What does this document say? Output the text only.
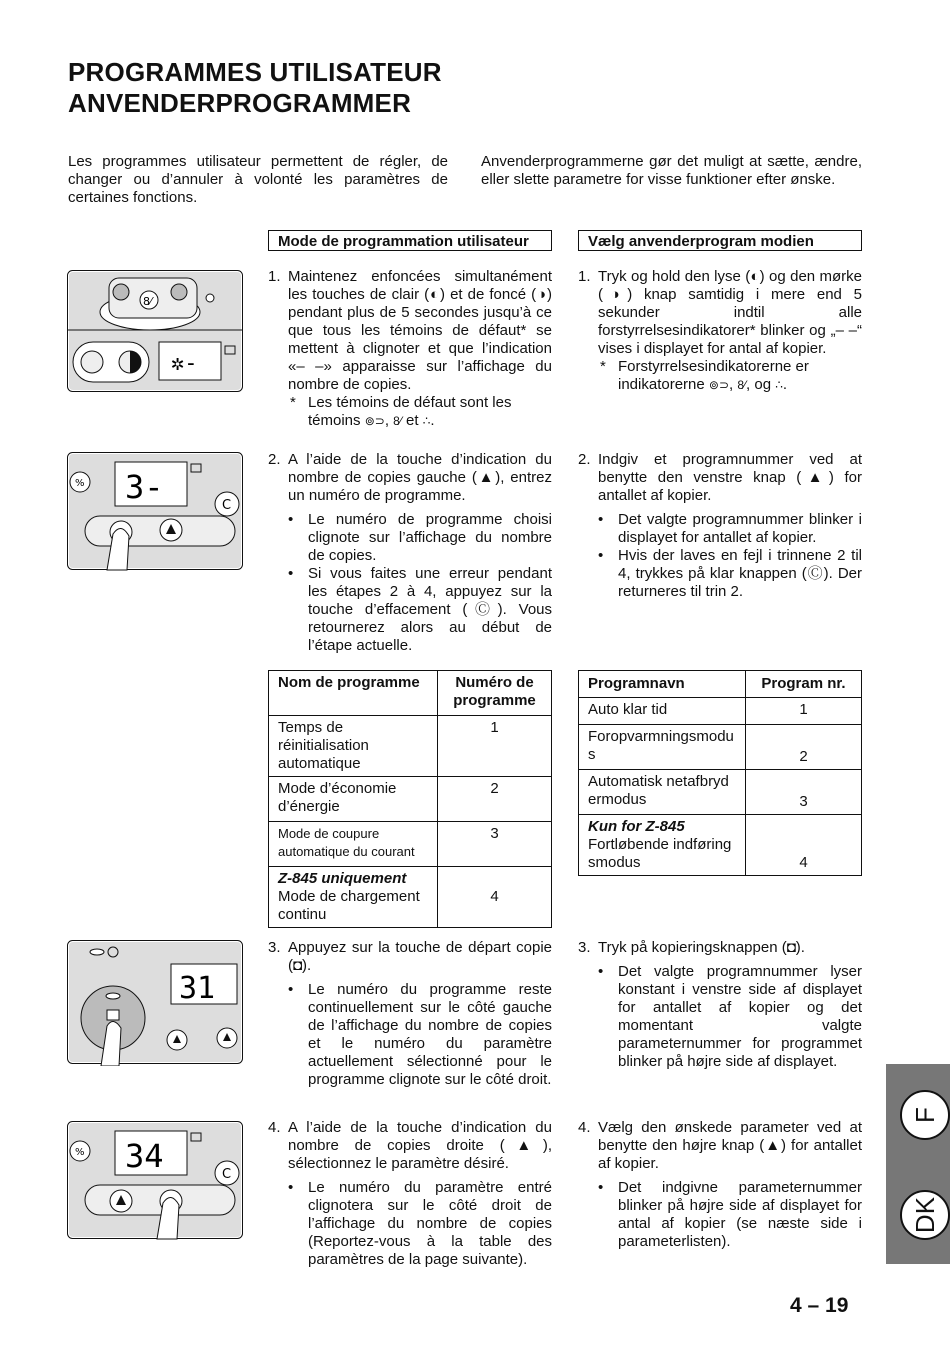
PROGRAMMES UTILISATEUR
ANVENDERPROGRAMMER
Les programmes utilisateur permettent de régler, de changer ou d’annuler à volonté les paramètres de certaines fonctions.
Anvenderprogrammerne gør det muligt at sætte, ændre, eller slette parametre for visse funktioner efter ønske.
Mode de programmation utilisateur	Vælg anvenderprogram modien
8⁄
✲-
3-
%
C
31
34
%
C
1. Maintenez enfoncées simultanément les touches de clair (◐) et de foncé (◑) pendant plus de 5 secondes jusqu’à ce que tous les témoins de défaut* se mettent à clignoter et que l’indication «– –» apparaisse sur l’affichage du nombre de copies.
* Les témoins de défaut sont les témoins ⊚⊃, 8⁄ et ∴.
1. Tryk og hold den lyse (◐) og den mørke (◑) knap samtidig i mere end 5 sekunder indtil alle forstyrrelsesindikatorer* blinker og „– –“ vises i displayet for antal af kopier.
* Forstyrrelsesindikatorerne er indikatorerne ⊚⊃, 8⁄, og ∴.
2. A l’aide de la touche d’indication du nombre de copies gauche (▲), entrez un numéro de programme.
• Le numéro de programme choisi clignote sur l’affichage du nombre de copies.
• Si vous faites une erreur pendant les étapes 2 à 4, appuyez sur la touche d’effacement (Ⓒ). Vous retournerez alors au début de l’étape actuelle.
2. Indgiv et programnummer ved at benytte den venstre knap (▲) for antallet af kopier.
• Det valgte programnummer blinker i displayet for antallet af kopier.
• Hvis der laves en fejl i trinnene 2 til 4, trykkes på klar knappen (Ⓒ). Der returneres til trin 2.
Nom de programme	Numéro de programme
Temps de réinitialisation automatique	1
Mode d’économie d’énergie	2
Mode de coupure automatique du courant	3

Z-845 uniquement
Mode de chargement continu	4
Programnavn	Program nr.
Auto klar tid	1
Foropvarmningsmodus	2
Automatisk netafbrydermodus	3

Kun for Z-845
Fortløbende indføringsmodus	4
3. Appuyez sur la touche de départ copie (◘).
• Le numéro du programme reste continuellement sur le côté gauche de l’affichage du nombre de copies et le numéro du paramètre actuellement sélectionné pour le programme clignote sur le côté droit.
3. Tryk på kopieringsknappen (◘).
• Det valgte programnummer lyser konstant i venstre side af displayet for antallet af kopier og det momentant valgte parameternummer for programmet blinker på højre side af displayet.
4. A l’aide de la touche d’indication du nombre de copies droite (▲), sélectionnez le paramètre désiré.
• Le numéro du paramètre entré clignotera sur le côté droit de l’affichage du nombre de copies (Reportez-vous à la table des paramètres de la page suivante).
4. Vælg den ønskede parameter ved at benytte den højre knap (▲) for antallet af kopier.
• Det indgivne parameternummer blinker på højre side af displayet for antal af kopier (se næste side i parameterlisten).
F
DK
4 – 19
